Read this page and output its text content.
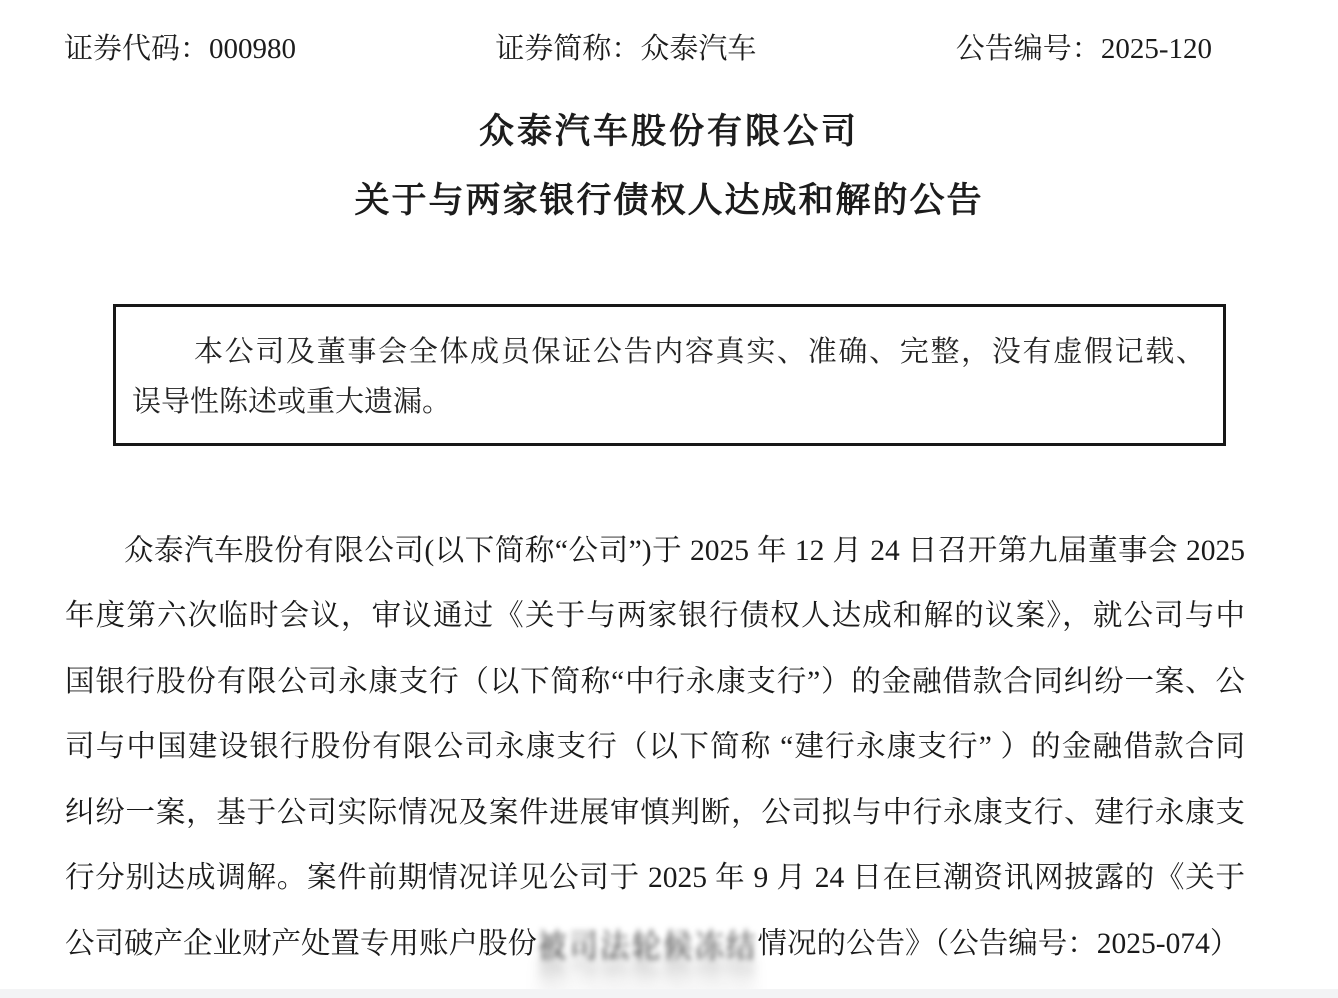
证券代码：000980	证券简称：众泰汽车	公告编号：2025-120
众泰汽车股份有限公司
关于与两家银行债权人达成和解的公告
本公司及董事会全体成员保证公告内容真实、准确、完整，没有虚假记载、
误导性陈述或重大遗漏。
众泰汽车股份有限公司(以下简称“公司”)于 2025 年 12 月 24 日召开第九届董事会 2025
年度第六次临时会议，审议通过《关于与两家银行债权人达成和解的议案》，就公司与中
国银行股份有限公司永康支行（以下简称“中行永康支行”）的金融借款合同纠纷一案、公
司与中国建设银行股份有限公司永康支行（以下简称 “建行永康支行” ）的金融借款合同
纠纷一案，基于公司实际情况及案件进展审慎判断，公司拟与中行永康支行、建行永康支
行分别达成调解。案件前期情况详见公司于 2025 年 9 月 24 日在巨潮资讯网披露的《关于
公司破产企业财产处置专用账户股份被司法轮候冻结情况的公告》（公告编号：2025-074）
